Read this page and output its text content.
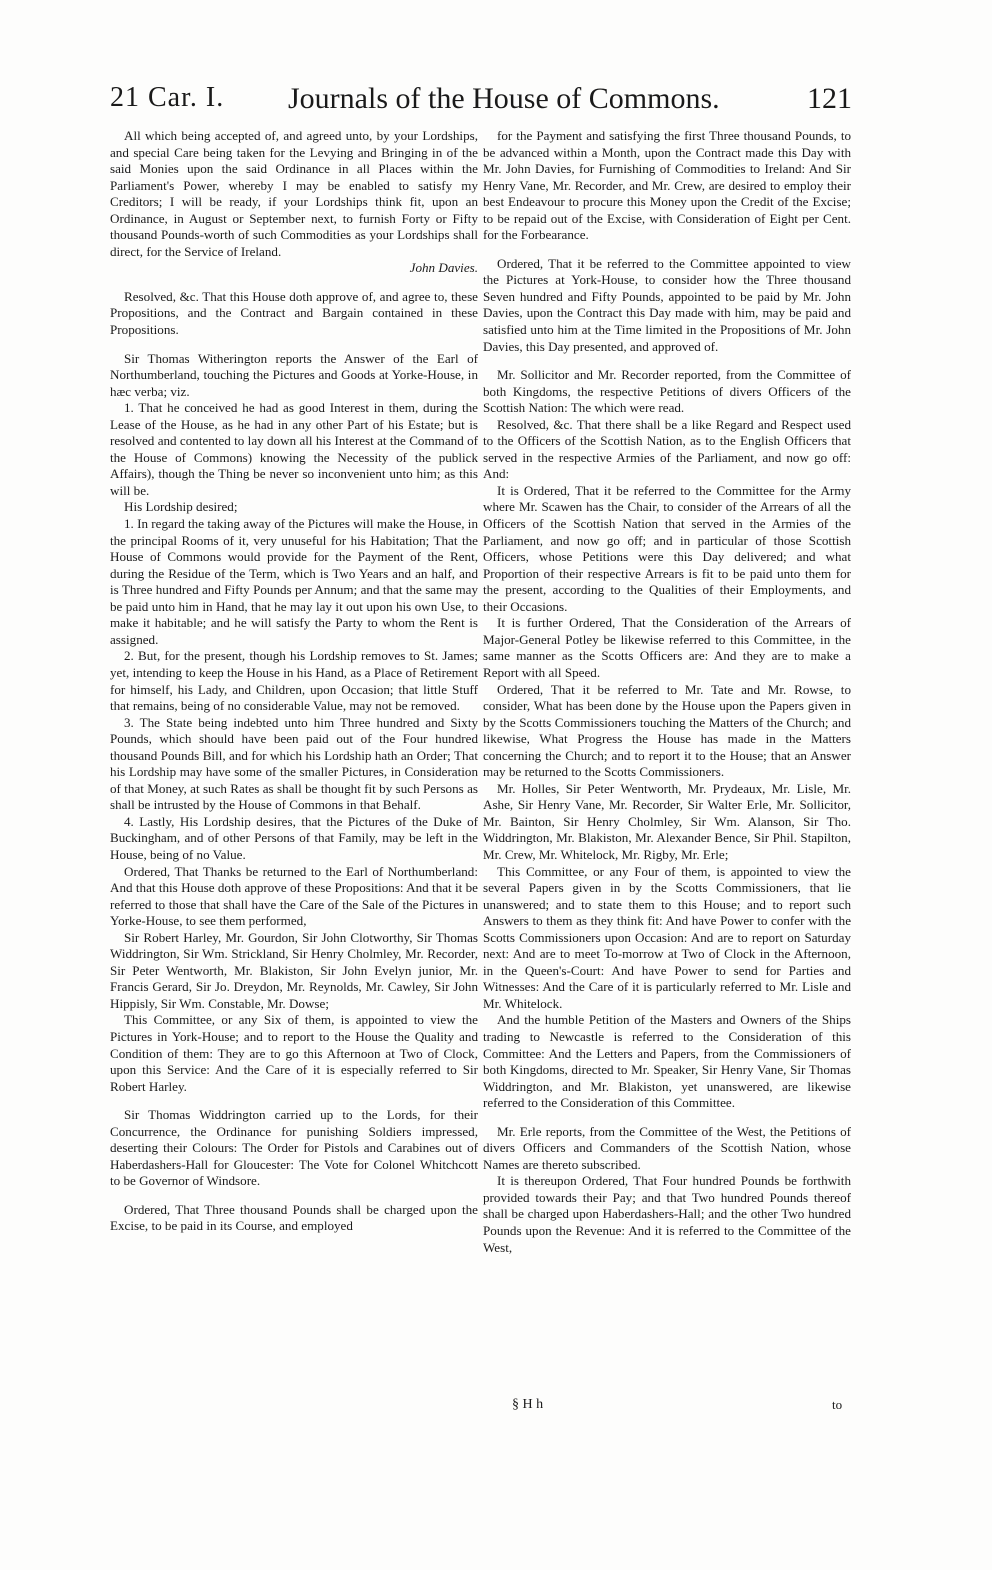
21 Car. I. Journals of the House of Commons.	121

All which being accepted of, and agreed unto, by your Lordships, and special Care being taken for the Levying and Bringing in of the said Monies upon the said Ordinance in all Places within the Parliament's Power, whereby I may be enabled to satisfy my Creditors; I will be ready, if your Lordships think fit, upon an Ordinance, in August or September next, to furnish Forty or Fifty thousand Pounds-worth of such Commodities as your Lordships shall direct, for the Service of Ireland.

John Davies.

Resolved, &c. That this House doth approve of, and agree to, these Propositions, and the Contract and Bargain contained in these Propositions.

Sir Thomas Witherington reports the Answer of the Earl of Northumberland, touching the Pictures and Goods at Yorke-House, in hæc verba; viz.

1. That he conceived he had as good Interest in them, during the Lease of the House, as he had in any other Part of his Estate; but is resolved and contented to lay down all his Interest at the Command of the House of Commons) knowing the Necessity of the publick Affairs), though the Thing be never so inconvenient unto him; as this will be.

His Lordship desired;

1. In regard the taking away of the Pictures will make the House, in the principal Rooms of it, very unuseful for his Habitation; That the House of Commons would provide for the Payment of the Rent, during the Residue of the Term, which is Two Years and an half, and is Three hundred and Fifty Pounds per Annum; and that the same may be paid unto him in Hand, that he may lay it out upon his own Use, to make it habitable; and he will satisfy the Party to whom the Rent is assigned.

2. But, for the present, though his Lordship removes to St. James; yet, intending to keep the House in his Hand, as a Place of Retirement for himself, his Lady, and Children, upon Occasion; that little Stuff that remains, being of no considerable Value, may not be removed.

3. The State being indebted unto him Three hundred and Sixty Pounds, which should have been paid out of the Four hundred thousand Pounds Bill, and for which his Lordship hath an Order; That his Lordship may have some of the smaller Pictures, in Consideration of that Money, at such Rates as shall be thought fit by such Persons as shall be intrusted by the House of Commons in that Behalf.

4. Lastly, His Lordship desires, that the Pictures of the Duke of Buckingham, and of other Persons of that Family, may be left in the House, being of no Value.

Ordered, That Thanks be returned to the Earl of Northumberland: And that this House doth approve of these Propositions: And that it be referred to those that shall have the Care of the Sale of the Pictures in Yorke-House, to see them performed,

Sir Robert Harley, Mr. Gourdon, Sir John Clotworthy, Sir Thomas Widdrington, Sir Wm. Strickland, Sir Henry Cholmley, Mr. Recorder, Sir Peter Wentworth, Mr. Blakiston, Sir John Evelyn junior, Mr. Francis Gerard, Sir Jo. Dreydon, Mr. Reynolds, Mr. Cawley, Sir John Hippisly, Sir Wm. Constable, Mr. Dowse;

This Committee, or any Six of them, is appointed to view the Pictures in York-House; and to report to the House the Quality and Condition of them: They are to go this Afternoon at Two of Clock, upon this Service: And the Care of it is especially referred to Sir Robert Harley.

Sir Thomas Widdrington carried up to the Lords, for their Concurrence, the Ordinance for punishing Soldiers impressed, deserting their Colours: The Order for Pistols and Carabines out of Haberdashers-Hall for Gloucester: The Vote for Colonel Whitchcott to be Governor of Windsore.

Ordered, That Three thousand Pounds shall be charged upon the Excise, to be paid in its Course, and employed

for the Payment and satisfying the first Three thousand Pounds, to be advanced within a Month, upon the Contract made this Day with Mr. John Davies, for Furnishing of Commodities to Ireland: And Sir Henry Vane, Mr. Recorder, and Mr. Crew, are desired to employ their best Endeavour to procure this Money upon the Credit of the Excise; to be repaid out of the Excise, with Consideration of Eight per Cent. for the Forbearance.

Ordered, That it be referred to the Committee appointed to view the Pictures at York-House, to consider how the Three thousand Seven hundred and Fifty Pounds, appointed to be paid by Mr. John Davies, upon the Contract this Day made with him, may be paid and satisfied unto him at the Time limited in the Propositions of Mr. John Davies, this Day presented, and approved of.

Mr. Sollicitor and Mr. Recorder reported, from the Committee of both Kingdoms, the respective Petitions of divers Officers of the Scottish Nation: The which were read.

Resolved, &c. That there shall be a like Regard and Respect used to the Officers of the Scottish Nation, as to the English Officers that served in the respective Armies of the Parliament, and now go off: And:

It is Ordered, That it be referred to the Committee for the Army where Mr. Scawen has the Chair, to consider of the Arrears of all the Officers of the Scottish Nation that served in the Armies of the Parliament, and now go off; and in particular of those Scottish Officers, whose Petitions were this Day delivered; and what Proportion of their respective Arrears is fit to be paid unto them for the present, according to the Qualities of their Employments, and their Occasions.

It is further Ordered, That the Consideration of the Arrears of Major-General Potley be likewise referred to this Committee, in the same manner as the Scotts Officers are: And they are to make a Report with all Speed.

Ordered, That it be referred to Mr. Tate and Mr. Rowse, to consider, What has been done by the House upon the Papers given in by the Scotts Commissioners touching the Matters of the Church; and likewise, What Progress the House has made in the Matters concerning the Church; and to report it to the House; that an Answer may be returned to the Scotts Commissioners.

Mr. Holles, Sir Peter Wentworth, Mr. Prydeaux, Mr. Lisle, Mr. Ashe, Sir Henry Vane, Mr. Recorder, Sir Walter Erle, Mr. Sollicitor, Mr. Bainton, Sir Henry Cholmley, Sir Wm. Alanson, Sir Tho. Widdrington, Mr. Blakiston, Mr. Alexander Bence, Sir Phil. Stapilton, Mr. Crew, Mr. Whitelock, Mr. Rigby, Mr. Erle;

This Committee, or any Four of them, is appointed to view the several Papers given in by the Scotts Commissioners, that lie unanswered; and to state them to this House; and to report such Answers to them as they think fit: And have Power to confer with the Scotts Commissioners upon Occasion: And are to report on Saturday next: And are to meet To-morrow at Two of Clock in the Afternoon, in the Queen's-Court: And have Power to send for Parties and Witnesses: And the Care of it is particularly referred to Mr. Lisle and Mr. Whitelock.

And the humble Petition of the Masters and Owners of the Ships trading to Newcastle is referred to the Consideration of this Committee: And the Letters and Papers, from the Commissioners of both Kingdoms, directed to Mr. Speaker, Sir Henry Vane, Sir Thomas Widdrington, and Mr. Blakiston, yet unanswered, are likewise referred to the Consideration of this Committee.

Mr. Erle reports, from the Committee of the West, the Petitions of divers Officers and Commanders of the Scottish Nation, whose Names are thereto subscribed.

It is thereupon Ordered, That Four hundred Pounds be forthwith provided towards their Pay; and that Two hundred Pounds thereof shall be charged upon Haberdashers-Hall; and the other Two hundred Pounds upon the Revenue: And it is referred to the Committee of the West,

§ H h	to
